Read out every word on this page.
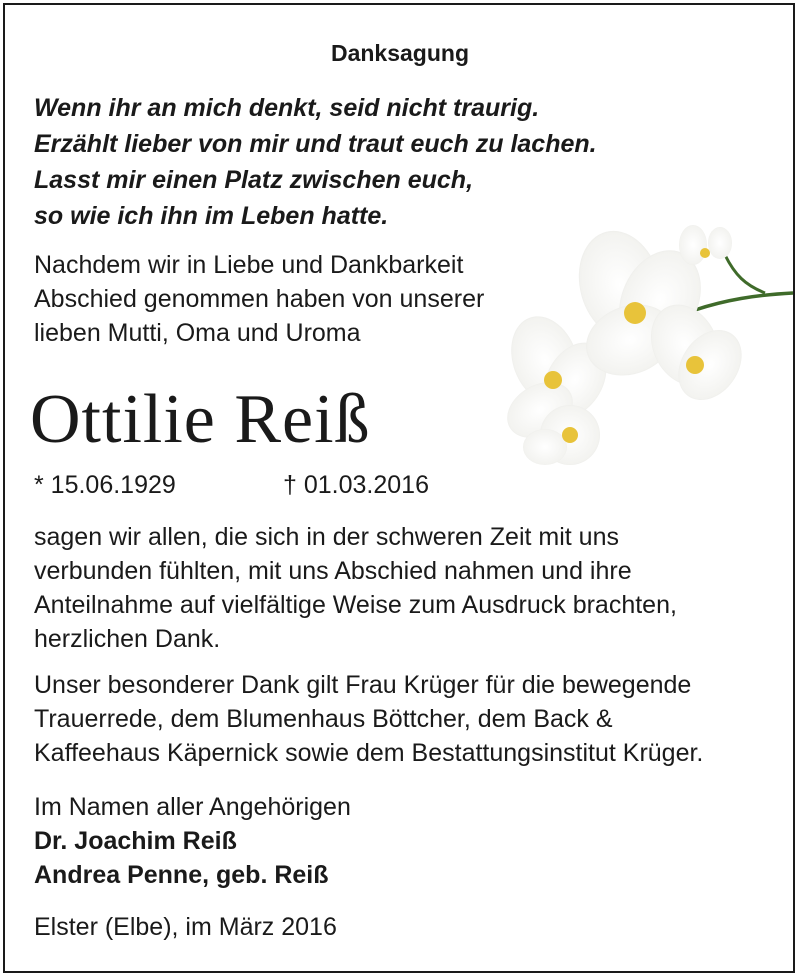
Danksagung
Wenn ihr an mich denkt, seid nicht traurig.
Erzählt lieber von mir und traut euch zu lachen.
Lasst mir einen Platz zwischen euch,
so wie ich ihn im Leben hatte.
Nachdem wir in Liebe und Dankbarkeit
Abschied genommen haben von unserer
lieben Mutti, Oma und Uroma
Ottilie Reiß
* 15.06.1929	† 01.03.2016
sagen wir allen, die sich in der schweren Zeit mit uns
verbunden fühlten, mit uns Abschied nahmen und ihre
Anteilnahme auf vielfältige Weise zum Ausdruck brachten,
herzlichen Dank.
Unser besonderer Dank gilt Frau Krüger für die bewegende
Trauerrede, dem Blumenhaus Böttcher, dem Back &
Kaffeehaus Käpernick sowie dem Bestattungsinstitut Krüger.
Im Namen aller Angehörigen
Dr. Joachim Reiß
Andrea Penne, geb. Reiß
Elster (Elbe), im März 2016
